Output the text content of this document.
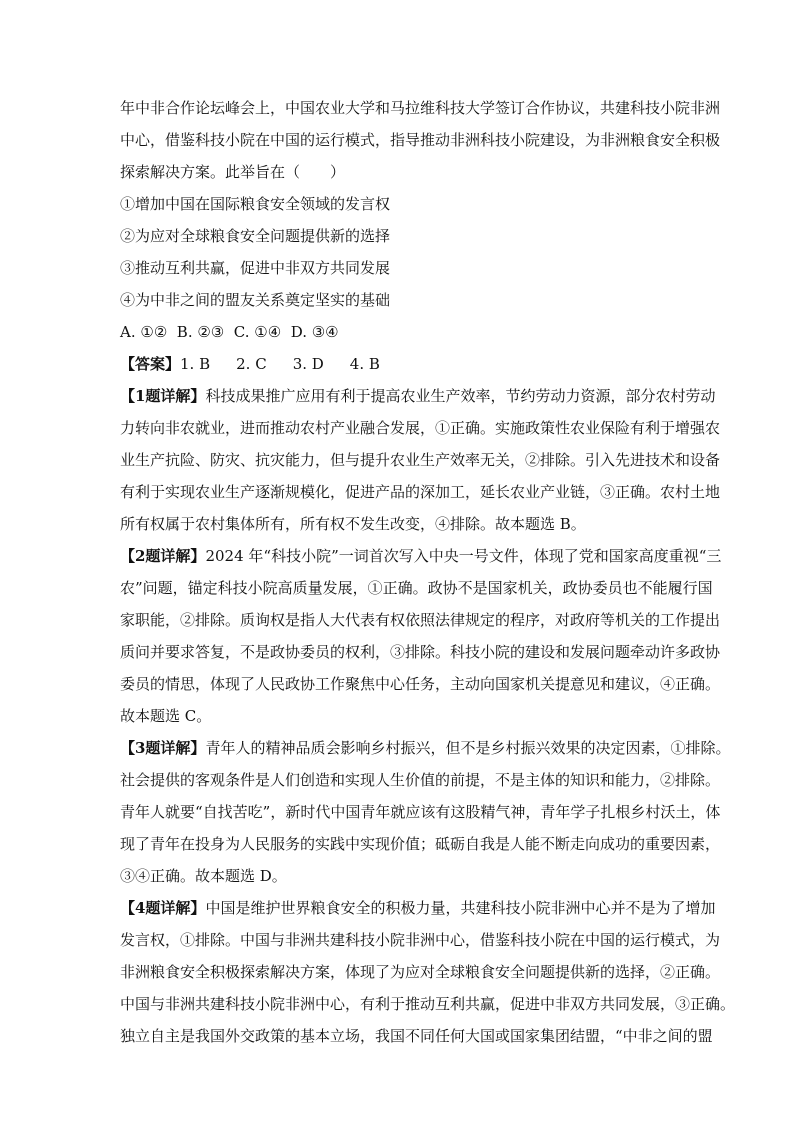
年中非合作论坛峰会上，中国农业大学和马拉维科技大学签订合作协议，共建科技小院非洲
中心，借鉴科技小院在中国的运行模式，指导推动非洲科技小院建设，为非洲粮食安全积极
探索解决方案。此举旨在（　　）
①增加中国在国际粮食安全领域的发言权
②为应对全球粮食安全问题提供新的选择
③推动互利共赢，促进中非双方共同发展
④为中非之间的盟友关系奠定坚实的基础
A. ①②  B. ②③  C. ①④  D. ③④
【答案】1. B 2. C 3. D 4. B
【1题详解】科技成果推广应用有利于提高农业生产效率，节约劳动力资源，部分农村劳动
力转向非农就业，进而推动农村产业融合发展，①正确。实施政策性农业保险有利于增强农
业生产抗险、防灾、抗灾能力，但与提升农业生产效率无关，②排除。引入先进技术和设备
有利于实现农业生产逐渐规模化，促进产品的深加工，延长农业产业链，③正确。农村土地
所有权属于农村集体所有，所有权不发生改变，④排除。故本题选 B。
【2题详解】2024 年“科技小院”一词首次写入中央一号文件，体现了党和国家高度重视“三
农”问题，锚定科技小院高质量发展，①正确。政协不是国家机关，政协委员也不能履行国
家职能，②排除。质询权是指人大代表有权依照法律规定的程序，对政府等机关的工作提出
质问并要求答复，不是政协委员的权利，③排除。科技小院的建设和发展问题牵动许多政协
委员的情思，体现了人民政协工作聚焦中心任务，主动向国家机关提意见和建议，④正确。
故本题选 C。
【3题详解】青年人的精神品质会影响乡村振兴，但不是乡村振兴效果的决定因素，①排除。
社会提供的客观条件是人们创造和实现人生价值的前提，不是主体的知识和能力，②排除。
青年人就要“自找苦吃”，新时代中国青年就应该有这股精气神，青年学子扎根乡村沃土，体
现了青年在投身为人民服务的实践中实现价值；砥砺自我是人能不断走向成功的重要因素，
③④正确。故本题选 D。
【4题详解】中国是维护世界粮食安全的积极力量，共建科技小院非洲中心并不是为了增加
发言权，①排除。中国与非洲共建科技小院非洲中心，借鉴科技小院在中国的运行模式，为
非洲粮食安全积极探索解决方案，体现了为应对全球粮食安全问题提供新的选择，②正确。
中国与非洲共建科技小院非洲中心，有利于推动互利共赢，促进中非双方共同发展，③正确。
独立自主是我国外交政策的基本立场，我国不同任何大国或国家集团结盟，“中非之间的盟
